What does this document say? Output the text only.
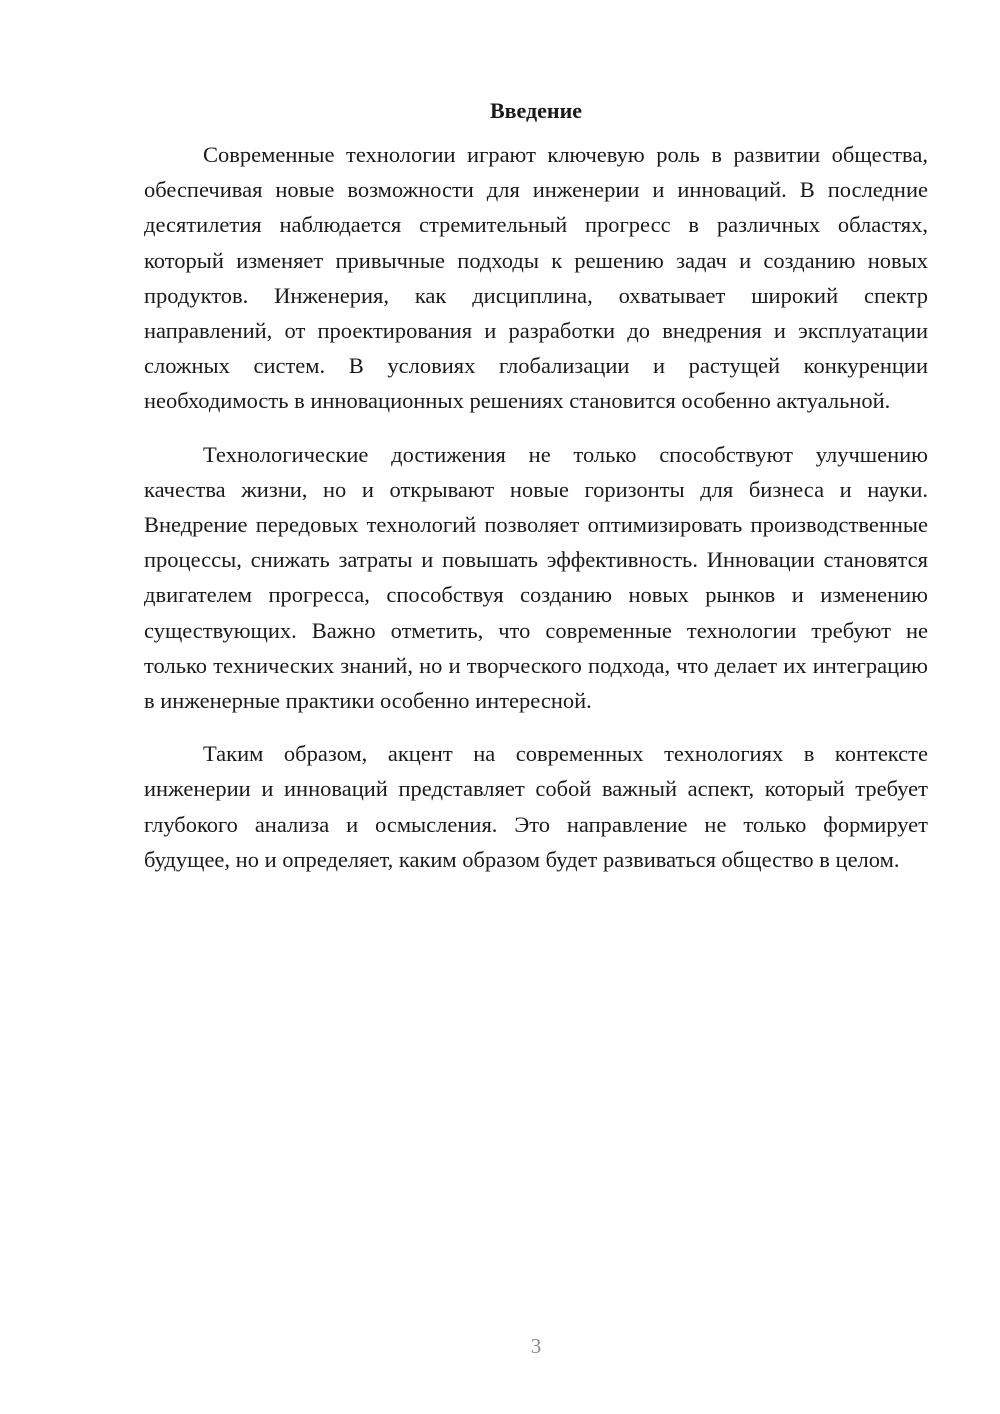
Введение

Современные технологии играют ключевую роль в развитии общества, обеспечивая новые возможности для инженерии и инноваций. В последние десятилетия наблюдается стремительный прогресс в различных областях, который изменяет привычные подходы к решению задач и созданию новых продуктов. Инженерия, как дисциплина, охватывает широкий спектр направлений, от проектирования и разработки до внедрения и эксплуатации сложных систем. В условиях глобализации и растущей конкуренции необходимость в инновационных решениях становится особенно актуальной.

Технологические достижения не только способствуют улучшению качества жизни, но и открывают новые горизонты для бизнеса и науки. Внедрение передовых технологий позволяет оптимизировать производственные процессы, снижать затраты и повышать эффективность. Инновации становятся двигателем прогресса, способствуя созданию новых рынков и изменению существующих. Важно отметить, что современные технологии требуют не только технических знаний, но и творческого подхода, что делает их интеграцию в инженерные практики особенно интересной.

Таким образом, акцент на современных технологиях в контексте инженерии и инноваций представляет собой важный аспект, который требует глубокого анализа и осмысления. Это направление не только формирует будущее, но и определяет, каким образом будет развиваться общество в целом.

3
